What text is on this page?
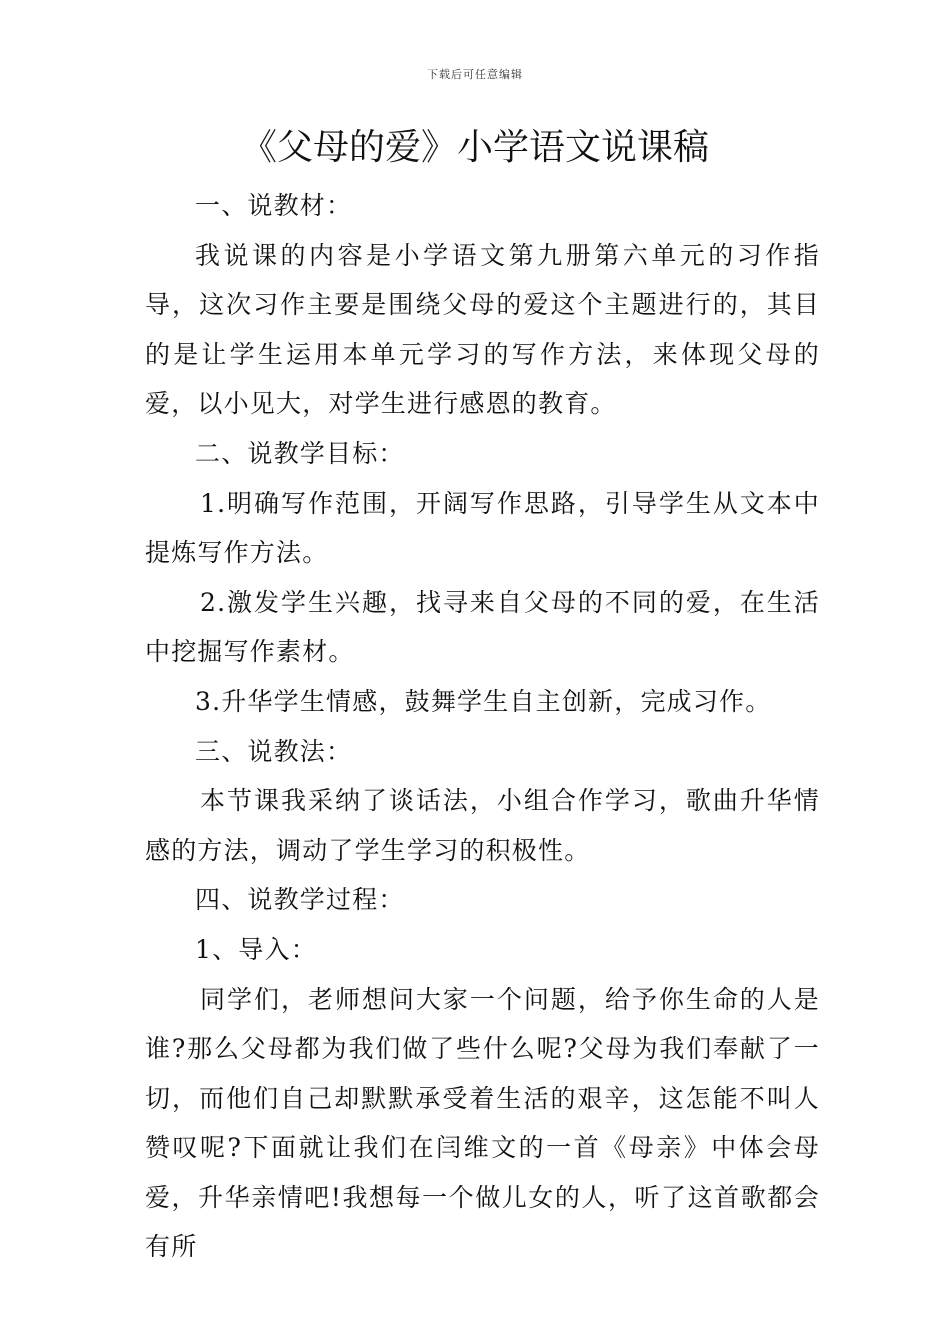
下载后可任意编辑
《父母的爱》小学语文说课稿

一、说教材：

我说课的内容是小学语文第九册第六单元的习作指导，这次习作主要是围绕父母的爱这个主题进行的，其目的是让学生运用本单元学习的写作方法，来体现父母的爱，以小见大，对学生进行感恩的教育。

二、说教学目标：

1.明确写作范围，开阔写作思路，引导学生从文本中提炼写作方法。

2.激发学生兴趣，找寻来自父母的不同的爱，在生活中挖掘写作素材。

3.升华学生情感，鼓舞学生自主创新，完成习作。

三、说教法：

本节课我采纳了谈话法，小组合作学习，歌曲升华情感的方法，调动了学生学习的积极性。

四、说教学过程：

1、导入：

同学们，老师想问大家一个问题，给予你生命的人是谁?那么父母都为我们做了些什么呢?父母为我们奉献了一切，而他们自己却默默承受着生活的艰辛，这怎能不叫人赞叹呢?下面就让我们在闫维文的一首《母亲》中体会母爱，升华亲情吧!我想每一个做儿女的人，听了这首歌都会有所
